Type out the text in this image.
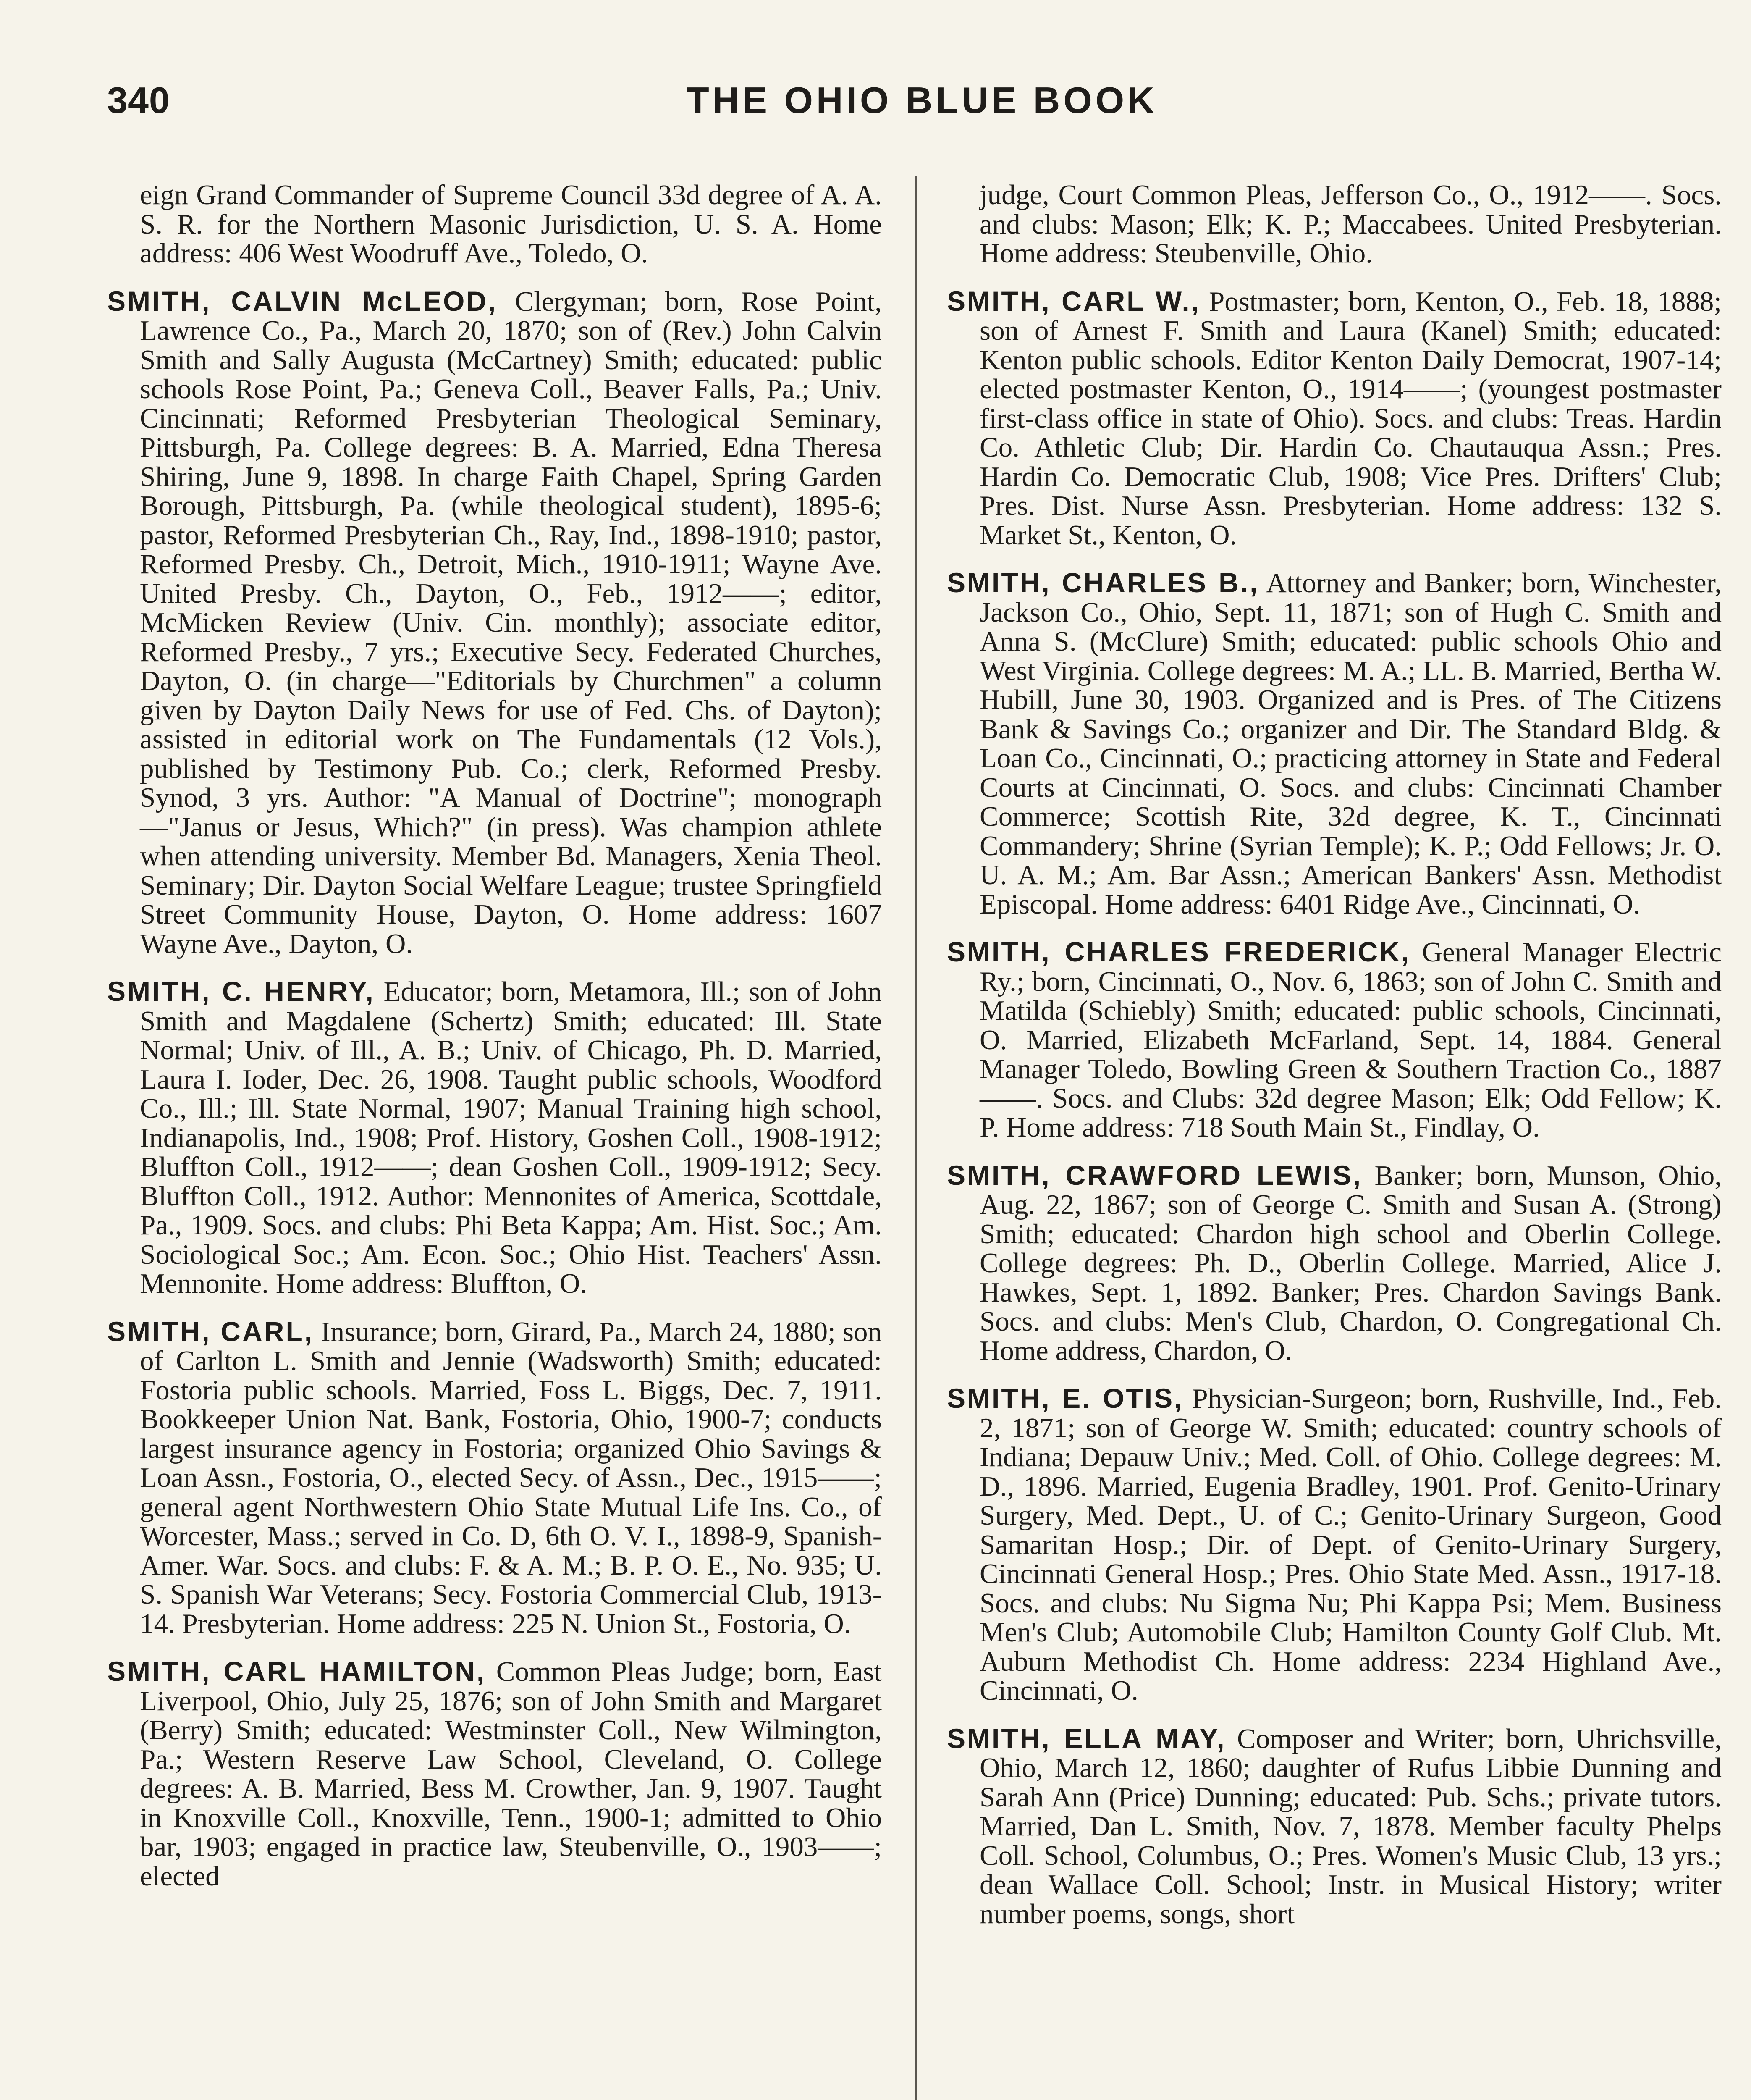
340	THE OHIO BLUE BOOK

eign Grand Commander of Supreme Council 33d degree of A. A. S. R. for the Northern Masonic Jurisdiction, U. S. A. Home address: 406 West Woodruff Ave., Toledo, O.

SMITH, CALVIN McLEOD, Clergyman; born, Rose Point, Lawrence Co., Pa., March 20, 1870; son of (Rev.) John Calvin Smith and Sally Augusta (McCartney) Smith; educated: public schools Rose Point, Pa.; Geneva Coll., Beaver Falls, Pa.; Univ. Cincinnati; Reformed Presbyterian Theological Seminary, Pittsburgh, Pa. College degrees: B. A. Married, Edna Theresa Shiring, June 9, 1898. In charge Faith Chapel, Spring Garden Borough, Pittsburgh, Pa. (while theological student), 1895-6; pastor, Reformed Presbyterian Ch., Ray, Ind., 1898-1910; pastor, Reformed Presby. Ch., Detroit, Mich., 1910-1911; Wayne Ave. United Presby. Ch., Dayton, O., Feb., 1912——; editor, McMicken Review (Univ. Cin. monthly); associate editor, Reformed Presby., 7 yrs.; Executive Secy. Federated Churches, Dayton, O. (in charge—"Editorials by Churchmen" a column given by Dayton Daily News for use of Fed. Chs. of Dayton); assisted in editorial work on The Fundamentals (12 Vols.), published by Testimony Pub. Co.; clerk, Reformed Presby. Synod, 3 yrs. Author: "A Manual of Doctrine"; monograph—"Janus or Jesus, Which?" (in press). Was champion athlete when attending university. Member Bd. Managers, Xenia Theol. Seminary; Dir. Dayton Social Welfare League; trustee Springfield Street Community House, Dayton, O. Home address: 1607 Wayne Ave., Dayton, O.

SMITH, C. HENRY, Educator; born, Metamora, Ill.; son of John Smith and Magdalene (Schertz) Smith; educated: Ill. State Normal; Univ. of Ill., A. B.; Univ. of Chicago, Ph. D. Married, Laura I. Ioder, Dec. 26, 1908. Taught public schools, Woodford Co., Ill.; Ill. State Normal, 1907; Manual Training high school, Indianapolis, Ind., 1908; Prof. History, Goshen Coll., 1908-1912; Bluffton Coll., 1912——; dean Goshen Coll., 1909-1912; Secy. Bluffton Coll., 1912. Author: Mennonites of America, Scottdale, Pa., 1909. Socs. and clubs: Phi Beta Kappa; Am. Hist. Soc.; Am. Sociological Soc.; Am. Econ. Soc.; Ohio Hist. Teachers' Assn. Mennonite. Home address: Bluffton, O.

SMITH, CARL, Insurance; born, Girard, Pa., March 24, 1880; son of Carlton L. Smith and Jennie (Wadsworth) Smith; educated: Fostoria public schools. Married, Foss L. Biggs, Dec. 7, 1911. Bookkeeper Union Nat. Bank, Fostoria, Ohio, 1900-7; conducts largest insurance agency in Fostoria; organized Ohio Savings & Loan Assn., Fostoria, O., elected Secy. of Assn., Dec., 1915——; general agent Northwestern Ohio State Mutual Life Ins. Co., of Worcester, Mass.; served in Co. D, 6th O. V. I., 1898-9, Spanish-Amer. War. Socs. and clubs: F. & A. M.; B. P. O. E., No. 935; U. S. Spanish War Veterans; Secy. Fostoria Commercial Club, 1913-14. Presbyterian. Home address: 225 N. Union St., Fostoria, O.

SMITH, CARL HAMILTON, Common Pleas Judge; born, East Liverpool, Ohio, July 25, 1876; son of John Smith and Margaret (Berry) Smith; educated: Westminster Coll., New Wilmington, Pa.; Western Reserve Law School, Cleveland, O. College degrees: A. B. Married, Bess M. Crowther, Jan. 9, 1907. Taught in Knoxville Coll., Knoxville, Tenn., 1900-1; admitted to Ohio bar, 1903; engaged in practice law, Steubenville, O., 1903——; elected

judge, Court Common Pleas, Jefferson Co., O., 1912——. Socs. and clubs: Mason; Elk; K. P.; Maccabees. United Presbyterian. Home address: Steubenville, Ohio.

SMITH, CARL W., Postmaster; born, Kenton, O., Feb. 18, 1888; son of Arnest F. Smith and Laura (Kanel) Smith; educated: Kenton public schools. Editor Kenton Daily Democrat, 1907-14; elected postmaster Kenton, O., 1914——; (youngest postmaster first-class office in state of Ohio). Socs. and clubs: Treas. Hardin Co. Athletic Club; Dir. Hardin Co. Chautauqua Assn.; Pres. Hardin Co. Democratic Club, 1908; Vice Pres. Drifters' Club; Pres. Dist. Nurse Assn. Presbyterian. Home address: 132 S. Market St., Kenton, O.

SMITH, CHARLES B., Attorney and Banker; born, Winchester, Jackson Co., Ohio, Sept. 11, 1871; son of Hugh C. Smith and Anna S. (McClure) Smith; educated: public schools Ohio and West Virginia. College degrees: M. A.; LL. B. Married, Bertha W. Hubill, June 30, 1903. Organized and is Pres. of The Citizens Bank & Savings Co.; organizer and Dir. The Standard Bldg. & Loan Co., Cincinnati, O.; practicing attorney in State and Federal Courts at Cincinnati, O. Socs. and clubs: Cincinnati Chamber Commerce; Scottish Rite, 32d degree, K. T., Cincinnati Commandery; Shrine (Syrian Temple); K. P.; Odd Fellows; Jr. O. U. A. M.; Am. Bar Assn.; American Bankers' Assn. Methodist Episcopal. Home address: 6401 Ridge Ave., Cincinnati, O.

SMITH, CHARLES FREDERICK, General Manager Electric Ry.; born, Cincinnati, O., Nov. 6, 1863; son of John C. Smith and Matilda (Schiebly) Smith; educated: public schools, Cincinnati, O. Married, Elizabeth McFarland, Sept. 14, 1884. General Manager Toledo, Bowling Green & Southern Traction Co., 1887——. Socs. and Clubs: 32d degree Mason; Elk; Odd Fellow; K. P. Home address: 718 South Main St., Findlay, O.

SMITH, CRAWFORD LEWIS, Banker; born, Munson, Ohio, Aug. 22, 1867; son of George C. Smith and Susan A. (Strong) Smith; educated: Chardon high school and Oberlin College. College degrees: Ph. D., Oberlin College. Married, Alice J. Hawkes, Sept. 1, 1892. Banker; Pres. Chardon Savings Bank. Socs. and clubs: Men's Club, Chardon, O. Congregational Ch. Home address, Chardon, O.

SMITH, E. OTIS, Physician-Surgeon; born, Rushville, Ind., Feb. 2, 1871; son of George W. Smith; educated: country schools of Indiana; Depauw Univ.; Med. Coll. of Ohio. College degrees: M. D., 1896. Married, Eugenia Bradley, 1901. Prof. Genito-Urinary Surgery, Med. Dept., U. of C.; Genito-Urinary Surgeon, Good Samaritan Hosp.; Dir. of Dept. of Genito-Urinary Surgery, Cincinnati General Hosp.; Pres. Ohio State Med. Assn., 1917-18. Socs. and clubs: Nu Sigma Nu; Phi Kappa Psi; Mem. Business Men's Club; Automobile Club; Hamilton County Golf Club. Mt. Auburn Methodist Ch. Home address: 2234 Highland Ave., Cincinnati, O.

SMITH, ELLA MAY, Composer and Writer; born, Uhrichsville, Ohio, March 12, 1860; daughter of Rufus Libbie Dunning and Sarah Ann (Price) Dunning; educated: Pub. Schs.; private tutors. Married, Dan L. Smith, Nov. 7, 1878. Member faculty Phelps Coll. School, Columbus, O.; Pres. Women's Music Club, 13 yrs.; dean Wallace Coll. School; Instr. in Musical History; writer number poems, songs, short
